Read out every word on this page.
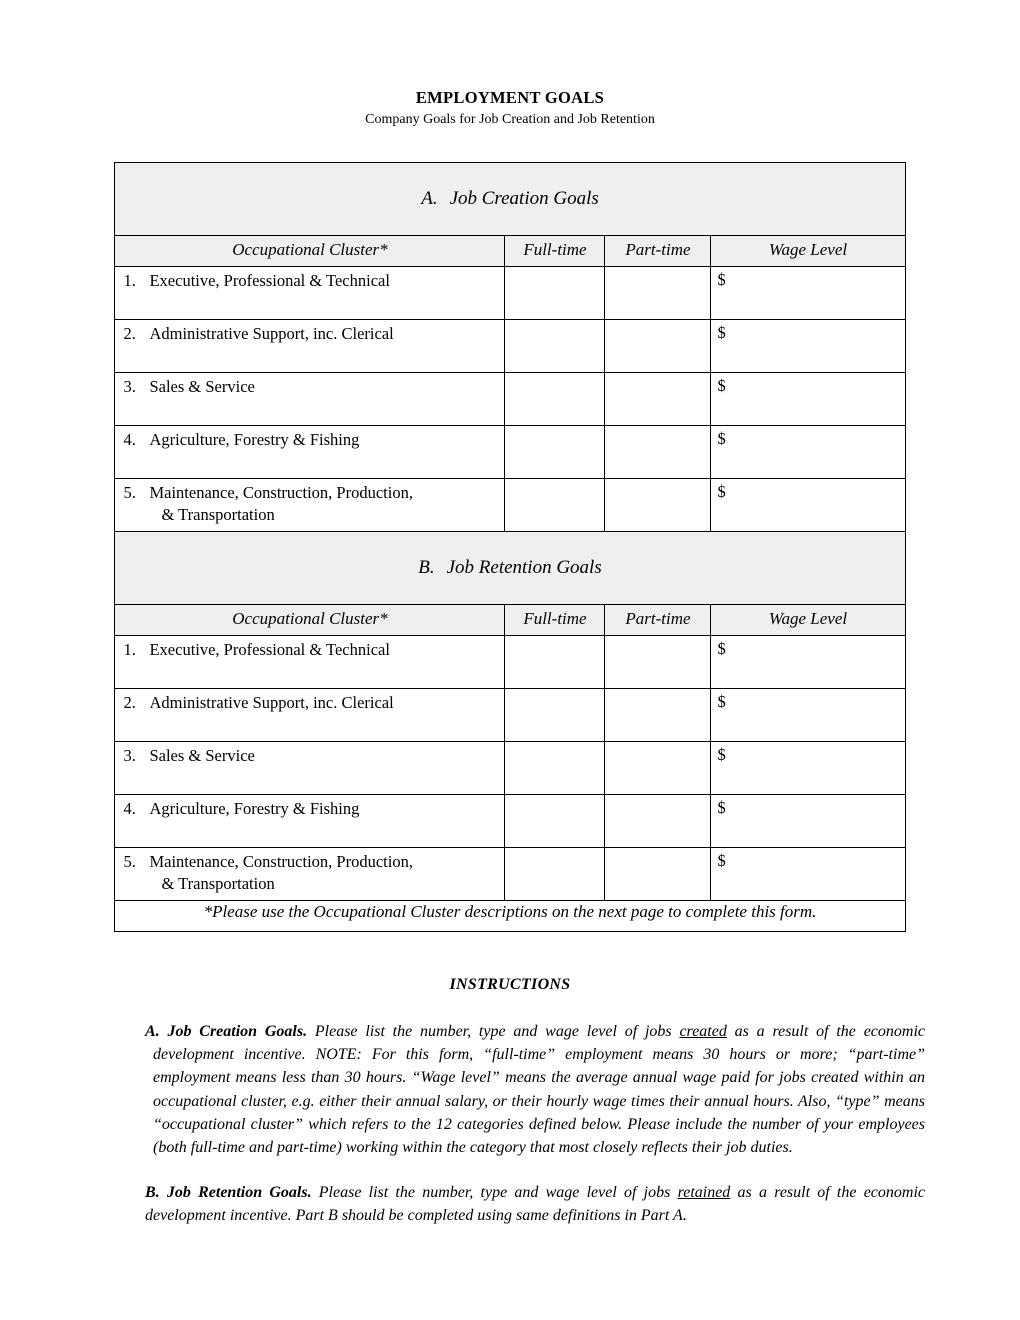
EMPLOYMENT GOALS
Company Goals for Job Creation and Job Retention
A. Job Creation Goals			

Occupational Cluster*	Full-time	Part-time	Wage Level
1. Executive, Professional & Technical			$
2. Administrative Support, inc. Clerical			$
3. Sales & Service			$
4. Agriculture, Forestry & Fishing			$
5. Maintenance, Construction, Production,
& Transportation			$

B. Job Retention Goals			

Occupational Cluster*	Full-time	Part-time	Wage Level
1. Executive, Professional & Technical			$
2. Administrative Support, inc. Clerical			$
3. Sales & Service			$
4. Agriculture, Forestry & Fishing			$
5. Maintenance, Construction, Production,
& Transportation			$
*Please use the Occupational Cluster descriptions on the next page to complete this form.			
INSTRUCTIONS

A. Job Creation Goals. Please list the number, type and wage level of jobs created as a result of the economic development incentive. NOTE: For this form, “full-time” employment means 30 hours or more; “part-time” employment means less than 30 hours. “Wage level” means the average annual wage paid for jobs created within an occupational cluster, e.g. either their annual salary, or their hourly wage times their annual hours. Also, “type” means “occupational cluster” which refers to the 12 categories defined below. Please include the number of your employees (both full-time and part-time) working within the category that most closely reflects their job duties.

B. Job Retention Goals. Please list the number, type and wage level of jobs retained as a result of the economic development incentive. Part B should be completed using same definitions in Part A.
